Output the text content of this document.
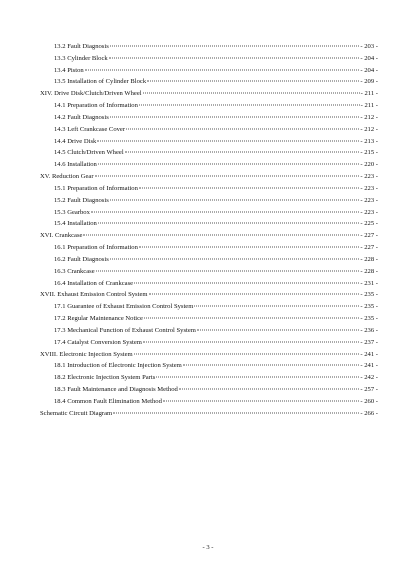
13.2 Fault Diagnosis	- 203 -
13.3 Cylinder Block	- 204 -
13.4 Piston	- 204 -
13.5 Installation of Cylinder Block	- 209 -
XIV. Drive Disk/Clutch/Driven Wheel	- 211 -
14.1 Preparation of Information	- 211 -
14.2 Fault Diagnosis	- 212 -
14.3 Left Crankcase Cover	- 212 -
14.4 Drive Disk	- 213 -
14.5 Clutch/Driven Wheel	- 215 -
14.6 Installation	- 220 -
XV. Reduction Gear	- 223 -
15.1 Preparation of Information	- 223 -
15.2 Fault Diagnosis	- 223 -
15.3 Gearbox	- 223 -
15.4 Installation	- 225 -
XVI. Crankcase	- 227 -
16.1 Preparation of Information	- 227 -
16.2 Fault Diagnosis	- 228 -
16.3 Crankcase	- 228 -
16.4 Installation of Crankcase	- 231 -
XVII. Exhaust Emission Control System	- 235 -
17.1 Guarantee of Exhaust Emission Control System	- 235 -
17.2 Regular Maintenance Notice	- 235 -
17.3 Mechanical Function of Exhaust Control System	- 236 -
17.4 Catalyst Conversion System	- 237 -
XVIII. Electronic Injection System	- 241 -
18.1 Introduction of Electronic Injection System	- 241 -
18.2 Electronic Injection System Parts	- 242 -
18.3 Fault Maintenance and Diagnosis Method	- 257 -
18.4 Common Fault Elimination Method	- 260 -
Schematic Circuit Diagram	- 266 -
- 3 -
